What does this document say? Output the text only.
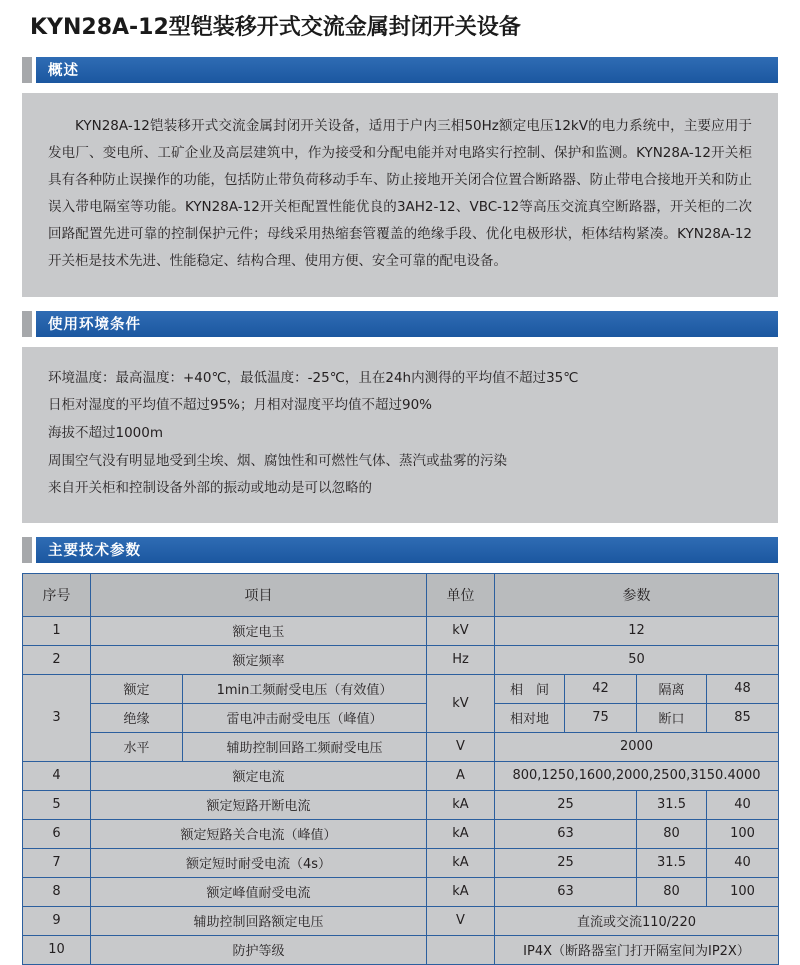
KYN28A-12型铠装移开式交流金属封闭开关设备
概述

KYN28A-12铠装移开式交流金属封闭开关设备，适用于户内三相50Hz额定电压12kV的电力系统中，主要应用于发电厂、变电所、工矿企业及高层建筑中，作为接受和分配电能并对电路实行控制、保护和监测。KYN28A-12开关柜具有各种防止误操作的功能，包括防止带负荷移动手车、防止接地开关闭合位置合断路器、防止带电合接地开关和防止误入带电隔室等功能。KYN28A-12开关柜配置性能优良的3AH2-12、VBC-12等高压交流真空断路器，开关柜的二次回路配置先进可靠的控制保护元件；母线采用热缩套管覆盖的绝缘手段、优化电极形状，柜体结构紧凑。KYN28A-12开关柜是技术先进、性能稳定、结构合理、使用方便、安全可靠的配电设备。

使用环境条件
环境温度：最高温度：+40℃，最低温度：-25℃，且在24h内测得的平均值不超过35℃
日柜对湿度的平均值不超过95%；月相对湿度平均值不超过90%
海拔不超过1000m
周围空气没有明显地受到尘埃、烟、腐蚀性和可燃性气体、蒸汽或盐雾的污染
来自开关柜和控制设备外部的振动或地动是可以忽略的
主要技术参数
序号	项目		单位	参数			
1	额定电玉		kV	12			
2	额定频率		Hz	50			
3	额定	1min工频耐受电压（有效值）	kV	相　间	42	隔离	48
	绝缘	雷电冲击耐受电压（峰值）		相对地	75	断口	85
	水平	辅助控制回路工频耐受电压	V	2000			
4	额定电流		A	800,1250,1600,2000,2500,3150.4000			
5	额定短路开断电流		kA	25		31.5	40
6	额定短路关合电流（峰值）		kA	63		80	100
7	额定短时耐受电流（4s）		kA	25		31.5	40
8	额定峰值耐受电流		kA	63		80	100
9	辅助控制回路额定电压		V	直流或交流110/220			
10	防护等级			IP4X（断路器室门打开隔室间为IP2X）			
